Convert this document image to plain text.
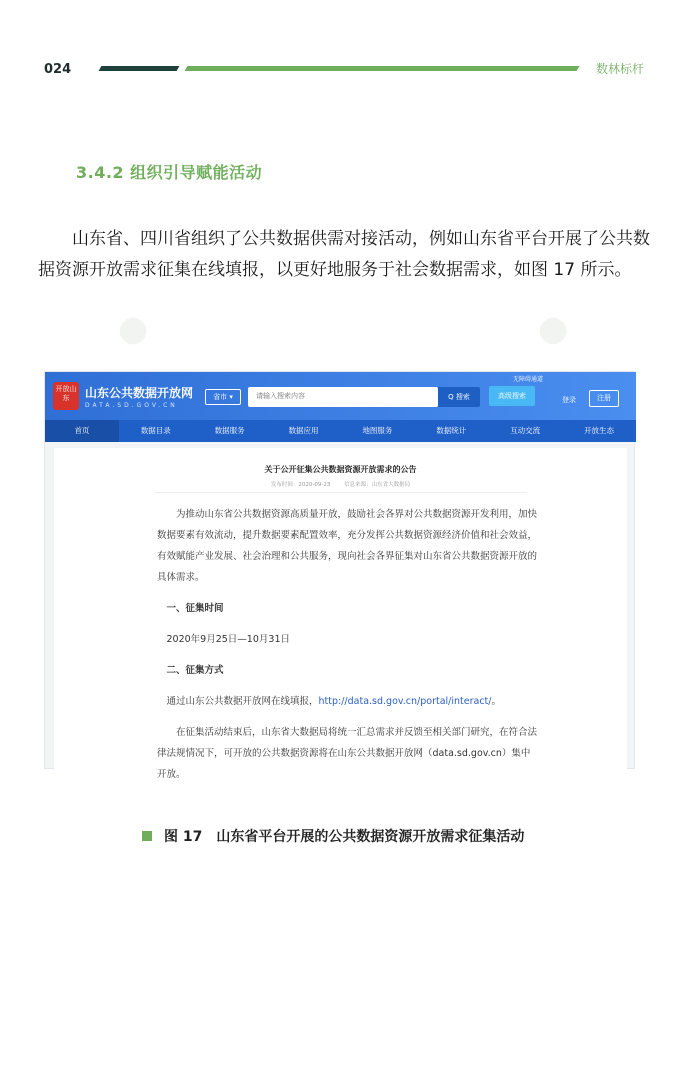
024	数林标杆
3.4.2 组织引导赋能活动

山东省、四川省组织了公共数据供需对接活动，例如山东省平台开展了公共数据资源开放需求征集在线填报，以更好地服务于社会数据需求，如图 17 所示。

开放山东	山东公共数据开放网
DATA.SD.GOV.CN
省市 ▾
请输入搜索内容	Q 搜索	高级搜索
无障碍通道
登录	注册
首页	数据目录	数据服务	数据应用	地图服务	数据统计	互动交流	开放生态
关于公开征集公共数据资源开放需求的公告
发布时间：2020-09-23	信息来源：山东省大数据局

为推动山东省公共数据资源高质量开放，鼓励社会各界对公共数据资源开发利用，加快数据要素有效流动，提升数据要素配置效率，充分发挥公共数据资源经济价值和社会效益，有效赋能产业发展、社会治理和公共服务，现向社会各界征集对山东省公共数据资源开放的具体需求。

一、征集时间

2020年9月25日—10月31日

二、征集方式

通过山东公共数据开放网在线填报，http://data.sd.gov.cn/portal/interact/。

在征集活动结束后，山东省大数据局将统一汇总需求并反馈至相关部门研究，在符合法律法规情况下，可开放的公共数据资源将在山东公共数据开放网（data.sd.gov.cn）集中开放。

图 17　山东省平台开展的公共数据资源开放需求征集活动
